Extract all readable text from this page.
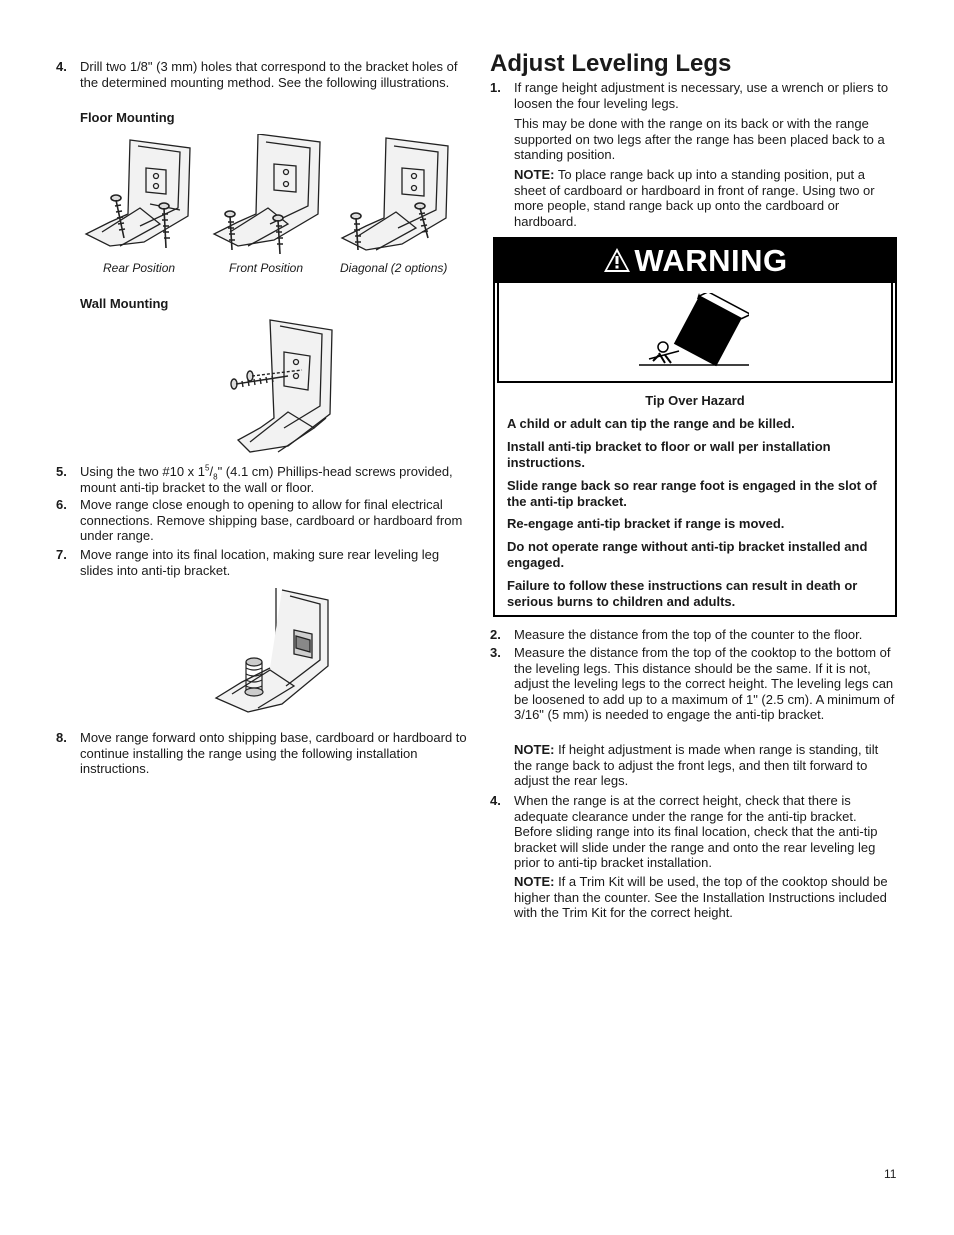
4. Drill two 1/8" (3 mm) holes that correspond to the bracket holes of the determined mounting method. See the following illustrations.
Floor Mounting
Rear Position	Front Position	Diagonal (2 options)
Wall Mounting
5. Using the two #10 x $1^5/_8$" (4.1 cm) Phillips-head screws provided, mount anti-tip bracket to the wall or floor.
6. Move range close enough to opening to allow for final electrical connections. Remove shipping base, cardboard or hardboard from under range.
7. Move range into its final location, making sure rear leveling leg slides into anti-tip bracket.
8. Move range forward onto shipping base, cardboard or hardboard to continue installing the range using the following installation instructions.
Adjust Leveling Legs
1. If range height adjustment is necessary, use a wrench or pliers to loosen the four leveling legs.
This may be done with the range on its back or with the range supported on two legs after the range has been placed back to a standing position.
NOTE: To place range back up into a standing position, put a sheet of cardboard or hardboard in front of range. Using two or more people, stand range back up onto the cardboard or hardboard.
WARNING
Tip Over Hazard
A child or adult can tip the range and be killed.
Install anti-tip bracket to floor or wall per installation instructions.
Slide range back so rear range foot is engaged in the slot of the anti-tip bracket.
Re-engage anti-tip bracket if range is moved.
Do not operate range without anti-tip bracket installed and engaged.
Failure to follow these instructions can result in death or serious burns to children and adults.
2. Measure the distance from the top of the counter to the floor.
3. Measure the distance from the top of the cooktop to the bottom of the leveling legs. This distance should be the same. If it is not, adjust the leveling legs to the correct height. The leveling legs can be loosened to add up to a maximum of 1" (2.5 cm). A minimum of 3/16" (5 mm) is needed to engage the anti-tip bracket.
NOTE: If height adjustment is made when range is standing, tilt the range back to adjust the front legs, and then tilt forward to adjust the rear legs.
4. When the range is at the correct height, check that there is adequate clearance under the range for the anti-tip bracket. Before sliding range into its final location, check that the anti-tip bracket will slide under the range and onto the rear leveling leg prior to anti-tip bracket installation.
NOTE: If a Trim Kit will be used, the top of the cooktop should be higher than the counter. See the Installation Instructions included with the Trim Kit for the correct height.
11
